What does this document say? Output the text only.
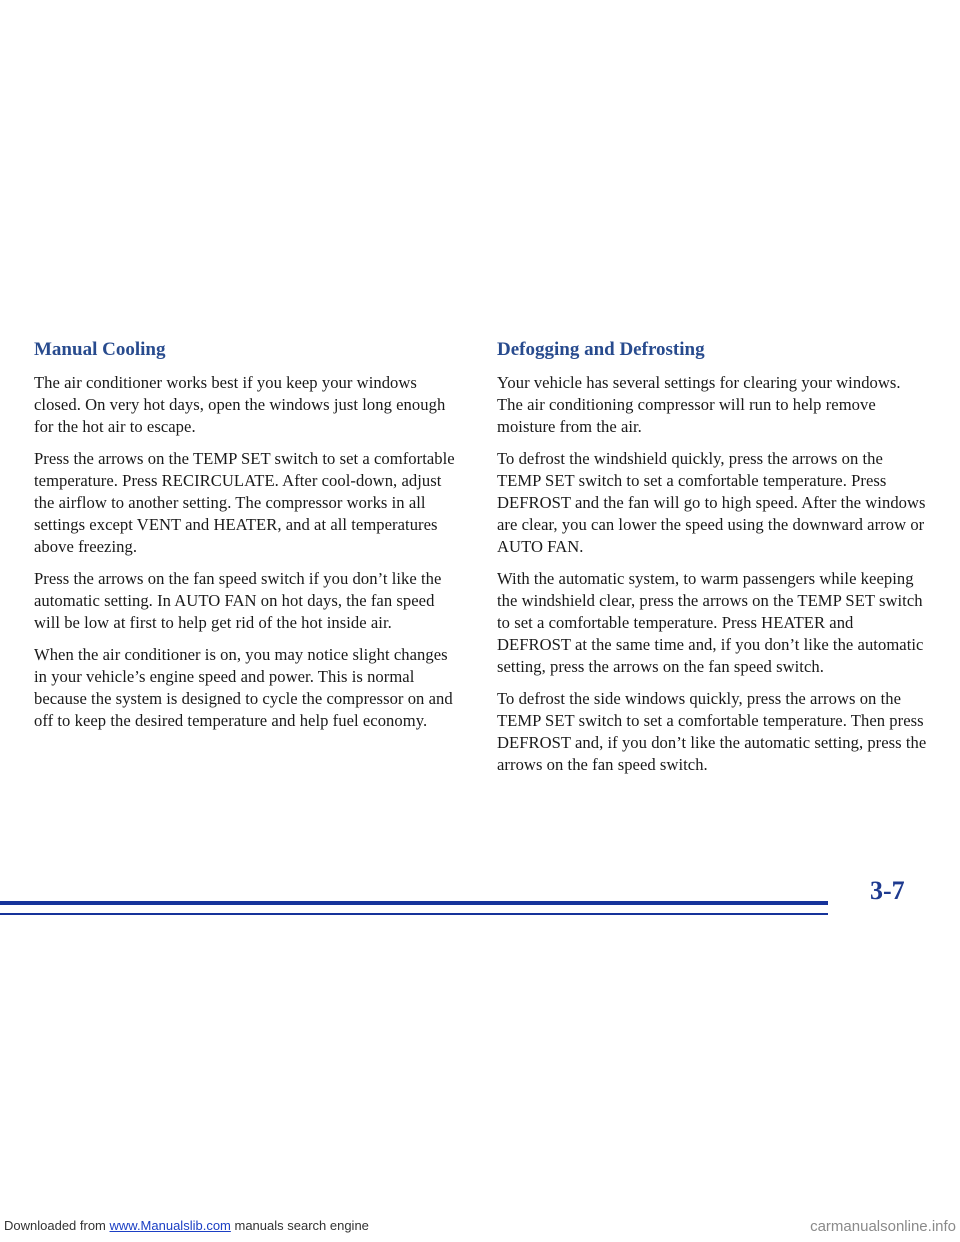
Manual Cooling

The air conditioner works best if you keep your windows closed. On very hot days, open the windows just long enough for the hot air to escape.

Press the arrows on the TEMP SET switch to set a comfortable temperature. Press RECIRCULATE. After cool-down, adjust the airflow to another setting. The compressor works in all settings except VENT and HEATER, and at all temperatures above freezing.

Press the arrows on the fan speed switch if you don’t like the automatic setting. In AUTO FAN on hot days, the fan speed will be low at first to help get rid of the hot inside air.

When the air conditioner is on, you may notice slight changes in your vehicle’s engine speed and power. This is normal because the system is designed to cycle the compressor on and off to keep the desired temperature and help fuel economy.

Defogging and Defrosting

Your vehicle has several settings for clearing your windows. The air conditioning compressor will run to help remove moisture from the air.

To defrost the windshield quickly, press the arrows on the TEMP SET switch to set a comfortable temperature. Press DEFROST and the fan will go to high speed. After the windows are clear, you can lower the speed using the downward arrow or AUTO FAN.

With the automatic system, to warm passengers while keeping the windshield clear, press the arrows on the TEMP SET switch to set a comfortable temperature. Press HEATER and DEFROST at the same time and, if you don’t like the automatic setting, press the arrows on the fan speed switch.

To defrost the side windows quickly, press the arrows on the TEMP SET switch to set a comfortable temperature. Then press DEFROST and, if you don’t like the automatic setting, press the arrows on the fan speed switch.

3-7
Downloaded from www.Manualslib.com manuals search engine	carmanualsonline.info
